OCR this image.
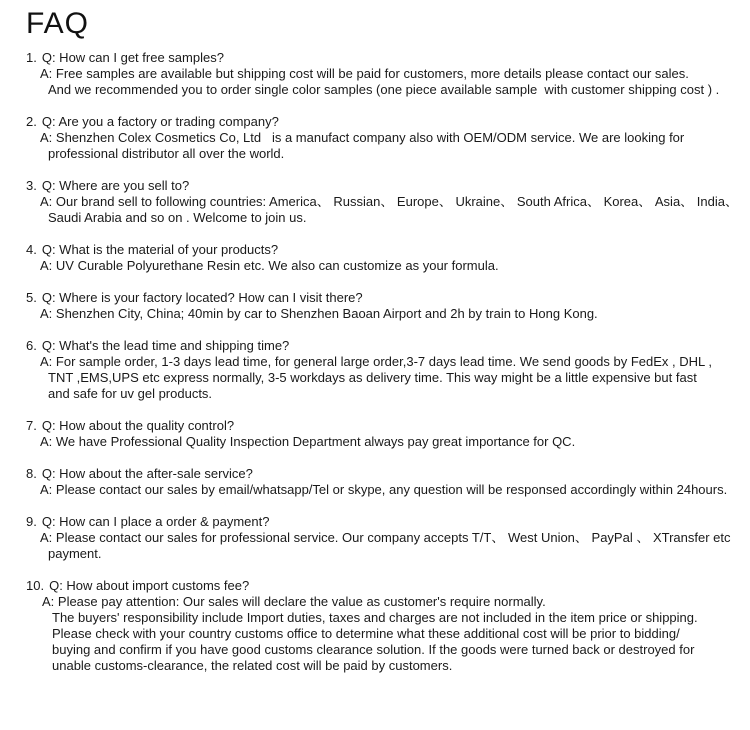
FAQ
1. Q: How can I get free samples?
A: Free samples are available but shipping cost will be paid for customers, more details please contact our sales.
And we recommended you to order single color samples (one piece available sample  with customer shipping cost ) .
2. Q: Are you a factory or trading company?
A: Shenzhen Colex Cosmetics Co, Ltd   is a manufact company also with OEM/ODM service. We are looking for
professional distributor all over the world.
3. Q: Where are you sell to?
A: Our brand sell to following countries: America、 Russian、 Europe、 Ukraine、 South Africa、 Korea、 Asia、 India、
Saudi Arabia and so on . Welcome to join us.
4. Q: What is the material of your products?
A: UV Curable Polyurethane Resin etc. We also can customize as your formula.
5. Q: Where is your factory located? How can I visit there?
A: Shenzhen City, China; 40min by car to Shenzhen Baoan Airport and 2h by train to Hong Kong.
6. Q: What's the lead time and shipping time?
A: For sample order, 1-3 days lead time, for general large order,3-7 days lead time. We send goods by FedEx , DHL ,
TNT ,EMS,UPS etc express normally, 3-5 workdays as delivery time. This way might be a little expensive but fast
and safe for uv gel products.
7. Q: How about the quality control?
A: We have Professional Quality Inspection Department always pay great importance for QC.
8. Q: How about the after-sale service?
A: Please contact our sales by email/whatsapp/Tel or skype, any question will be responsed accordingly within 24hours.
9. Q: How can I place a order & payment?
A: Please contact our sales for professional service. Our company accepts T/T、 West Union、 PayPal 、 XTransfer etc
payment.
10. Q: How about import customs fee?
A: Please pay attention: Our sales will declare the value as customer's require normally.
The buyers' responsibility include Import duties, taxes and charges are not included in the item price or shipping.
Please check with your country customs office to determine what these additional cost will be prior to bidding/
buying and confirm if you have good customs clearance solution. If the goods were turned back or destroyed for
unable customs-clearance, the related cost will be paid by customers.
